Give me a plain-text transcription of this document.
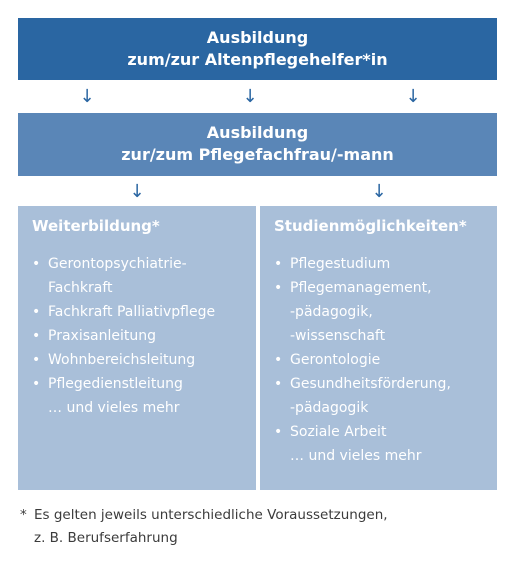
Ausbildung
zum/zur Altenpflegehelfer*in
↓	↓	↓
Ausbildung
zur/zum Pflegefachfrau/-mann
↓	↓
Weiterbildung*
• Gerontopsychiatrie-
Fachkraft
• Fachkraft Palliativpflege
• Praxisanleitung
• Wohnbereichsleitung
• Pflegedienstleitung
… und vieles mehr
Studienmöglichkeiten*
• Pflegestudium
• Pflegemanagement,
-pädagogik,
-wissenschaft
• Gerontologie
• Gesundheitsförderung,
-pädagogik
• Soziale Arbeit
… und vieles mehr
* Es gelten jeweils unterschiedliche Voraussetzungen,
z. B. Berufserfahrung
